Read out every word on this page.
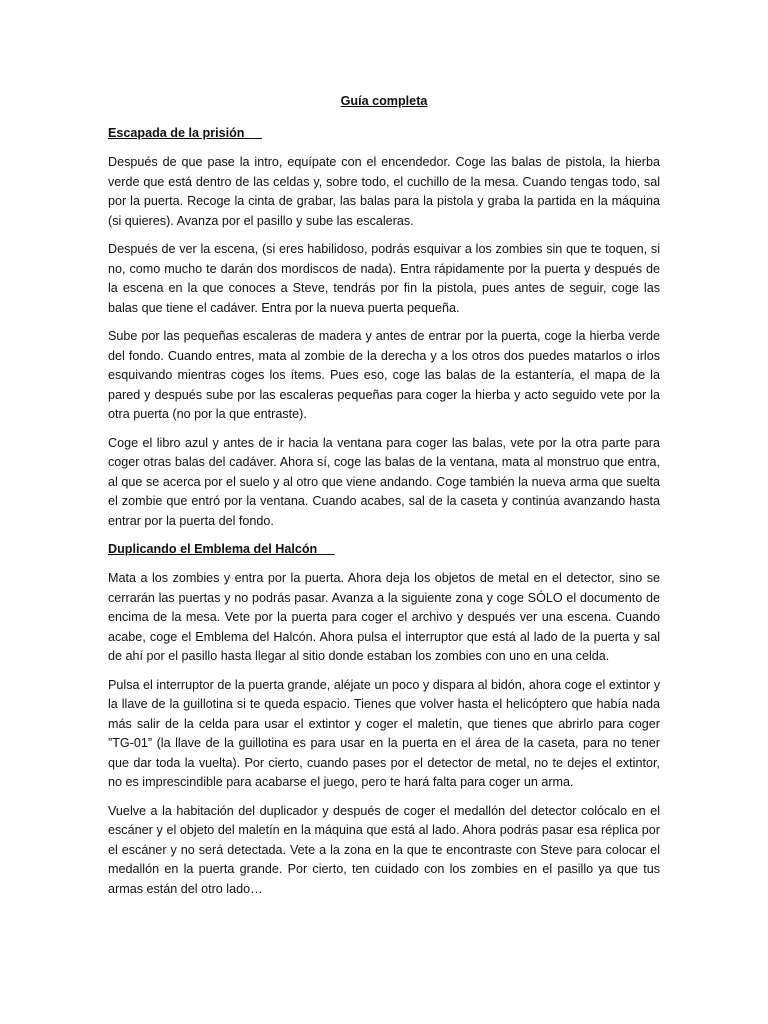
Guía completa
Escapada de la prisión

Después de que pase la intro, equípate con el encendedor. Coge las balas de pistola, la hierba verde que está dentro de las celdas y, sobre todo, el cuchillo de la mesa. Cuando tengas todo, sal por la puerta. Recoge la cinta de grabar, las balas para la pistola y graba la partida en la máquina (si quieres). Avanza por el pasillo y sube las escaleras.

Después de ver la escena, (si eres habilidoso, podrás esquivar a los zombies sin que te toquen, si no, como mucho te darán dos mordiscos de nada). Entra rápidamente por la puerta y después de la escena en la que conoces a Steve, tendrás por fin la pistola, pues antes de seguir, coge las balas que tiene el cadáver. Entra por la nueva puerta pequeña.

Sube por las pequeñas escaleras de madera y antes de entrar por la puerta, coge la hierba verde del fondo. Cuando entres, mata al zombie de la derecha y a los otros dos puedes matarlos o irlos esquivando mientras coges los ítems. Pues eso, coge las balas de la estantería, el mapa de la pared y después sube por las escaleras pequeñas para coger la hierba y acto seguido vete por la otra puerta (no por la que entraste).

Coge el libro azul y antes de ir hacia la ventana para coger las balas, vete por la otra parte para coger otras balas del cadáver. Ahora sí, coge las balas de la ventana, mata al monstruo que entra, al que se acerca por el suelo y al otro que viene andando. Coge también la nueva arma que suelta el zombie que entró por la ventana. Cuando acabes, sal de la caseta y continúa avanzando hasta entrar por la puerta del fondo.

Duplicando el Emblema del Halcón

Mata a los zombies y entra por la puerta. Ahora deja los objetos de metal en el detector, sino se cerrarán las puertas y no podrás pasar. Avanza a la siguiente zona y coge SÓLO el documento de encima de la mesa. Vete por la puerta para coger el archivo y después ver una escena. Cuando acabe, coge el Emblema del Halcón. Ahora pulsa el interruptor que está al lado de la puerta y sal de ahí por el pasillo hasta llegar al sitio donde estaban los zombies con uno en una celda.

Pulsa el interruptor de la puerta grande, aléjate un poco y dispara al bidón, ahora coge el extintor y la llave de la guillotina si te queda espacio. Tienes que volver hasta el helicóptero que había nada más salir de la celda para usar el extintor y coger el maletín, que tienes que abrirlo para coger ”TG-01” (la llave de la guillotina es para usar en la puerta en el área de la caseta, para no tener que dar toda la vuelta). Por cierto, cuando pases por el detector de metal, no te dejes el extintor, no es imprescindible para acabarse el juego, pero te hará falta para coger un arma.

Vuelve a la habitación del duplicador y después de coger el medallón del detector colócalo en el escáner y el objeto del maletín en la máquina que está al lado. Ahora podrás pasar esa réplica por el escáner y no será detectada. Vete a la zona en la que te encontraste con Steve para colocar el medallón en la puerta grande. Por cierto, ten cuidado con los zombies en el pasillo ya que tus armas están del otro lado…
